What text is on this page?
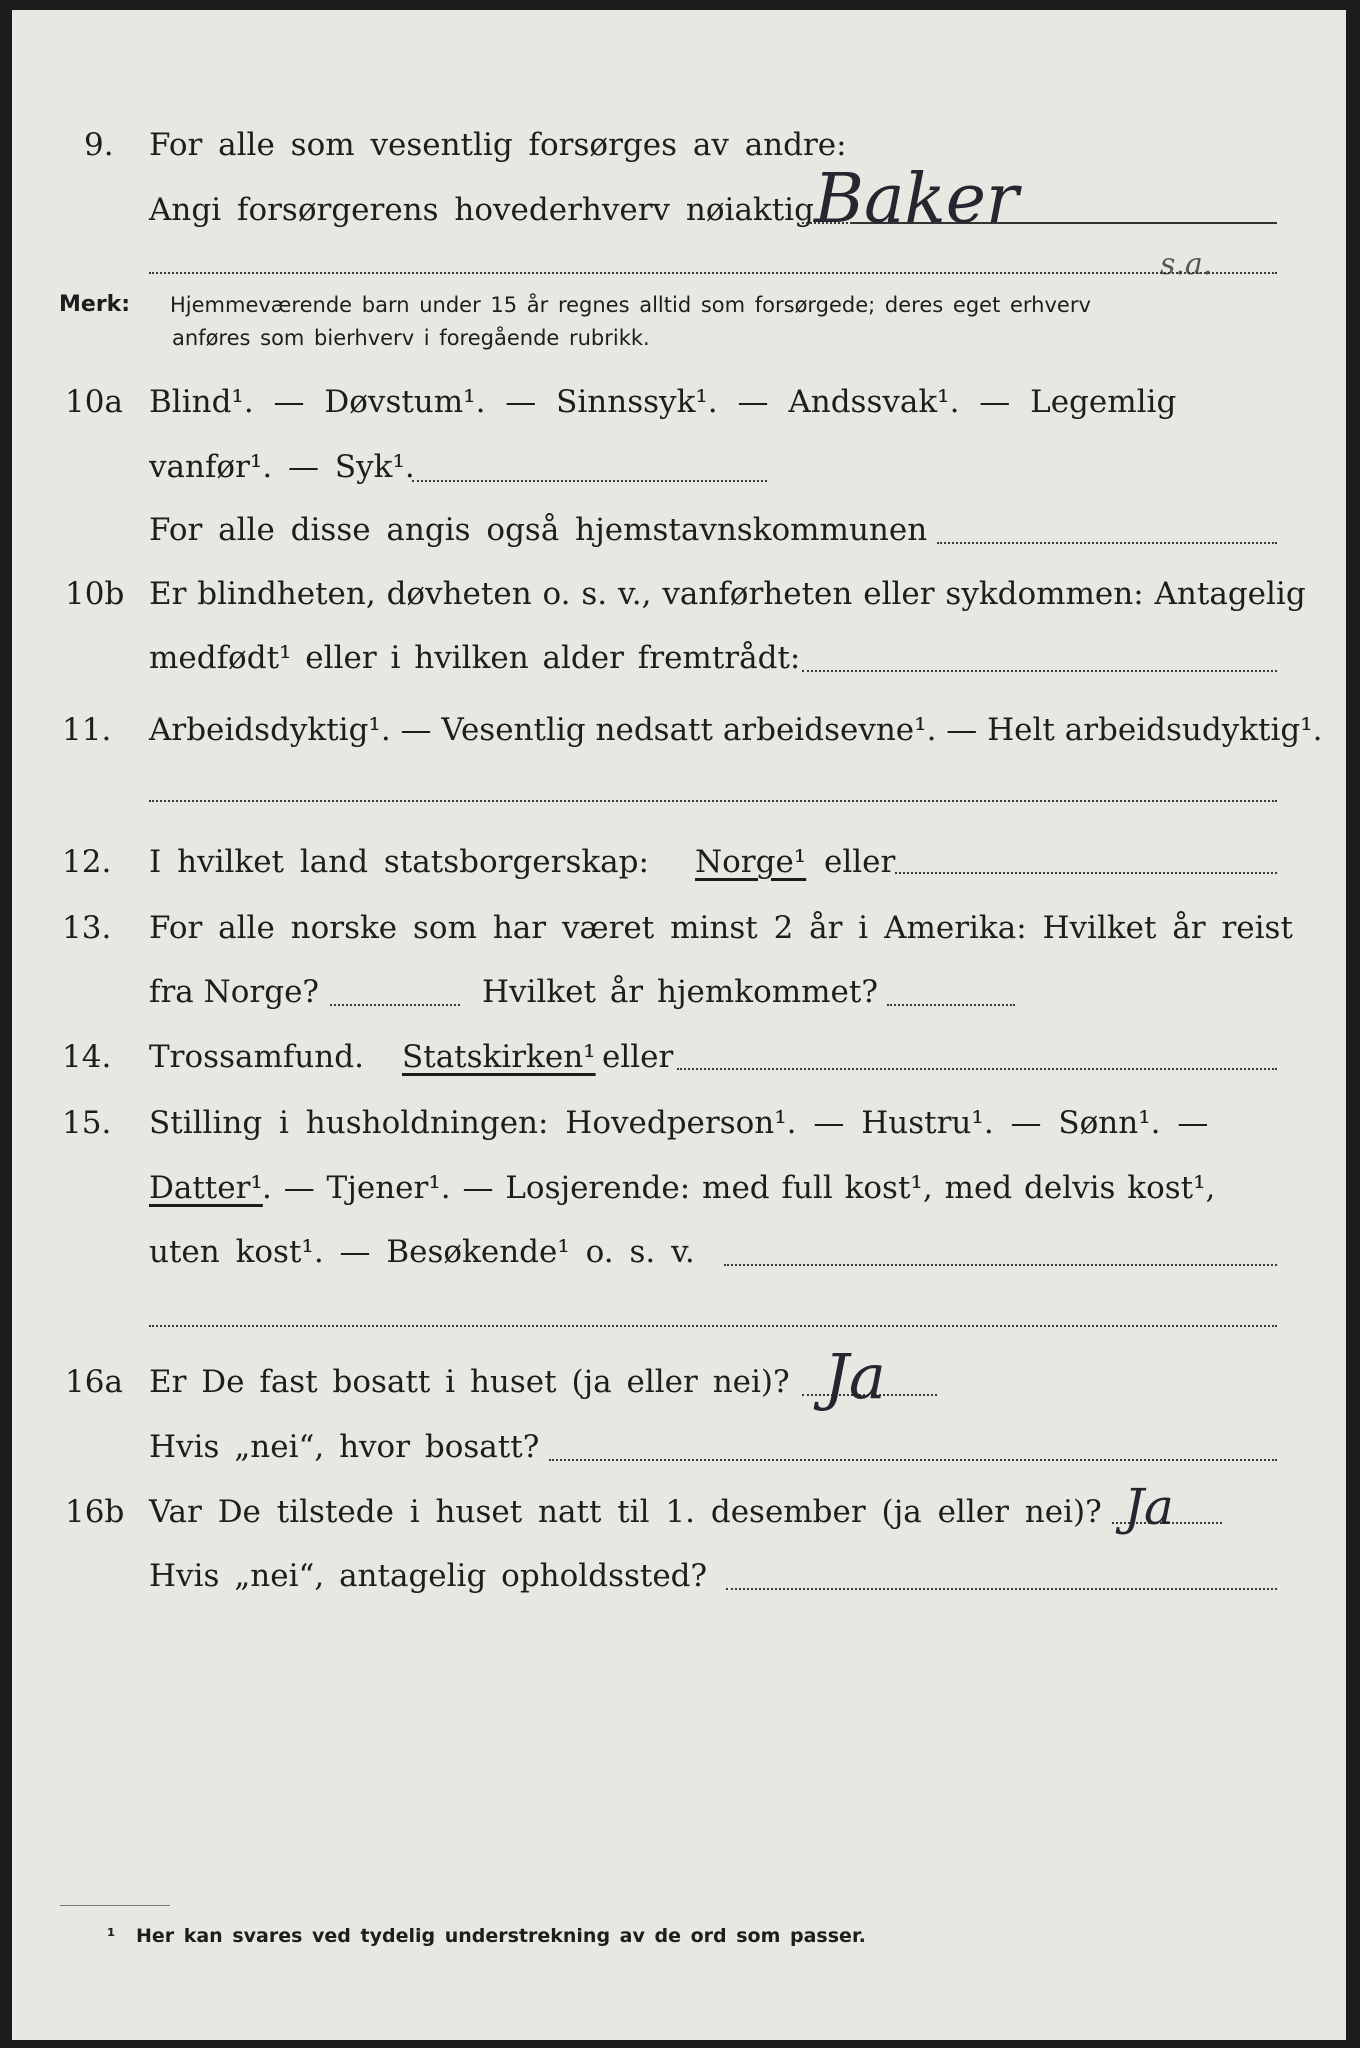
9. For alle som vesentlig forsørges av andre:
Angi forsørgerens hovederhverv nøiaktig Baker
s.a.
Merk: Hjemmeværende barn under 15 år regnes alltid som forsørgede; deres eget erhverv
anføres som bierhverv i foregående rubrikk.
10a Blind¹. — Døvstum¹. — Sinnssyk¹. — Andssvak¹. — Legemlig
vanfør¹. — Syk¹.
For alle disse angis også hjemstavnskommunen
10b Er blindheten, døvheten o. s. v., vanførheten eller sykdommen: Antagelig
medfødt¹ eller i hvilken alder fremtrådt:
11. Arbeidsdyktig¹. — Vesentlig nedsatt arbeidsevne¹. — Helt arbeidsudyktig¹.
12. I hvilket land statsborgerskap: Norge¹ eller
13. For alle norske som har været minst 2 år i Amerika: Hvilket år reist
fra Norge?	Hvilket år hjemkommet?
14. Trossamfund. Statskirken¹ eller
15. Stilling i husholdningen: Hovedperson¹. — Hustru¹. — Sønn¹. —
Datter¹ . — Tjener¹. — Losjerende: med full kost¹, med delvis kost¹,
uten kost¹. — Besøkende¹ o. s. v.
16a Er De fast bosatt i huset (ja eller nei)? Ja
Hvis „nei“, hvor bosatt?
16b Var De tilstede i huset natt til 1. desember (ja eller nei)? Ja
Hvis „nei“, antagelig opholdssted?
¹ Her kan svares ved tydelig understrekning av de ord som passer.
